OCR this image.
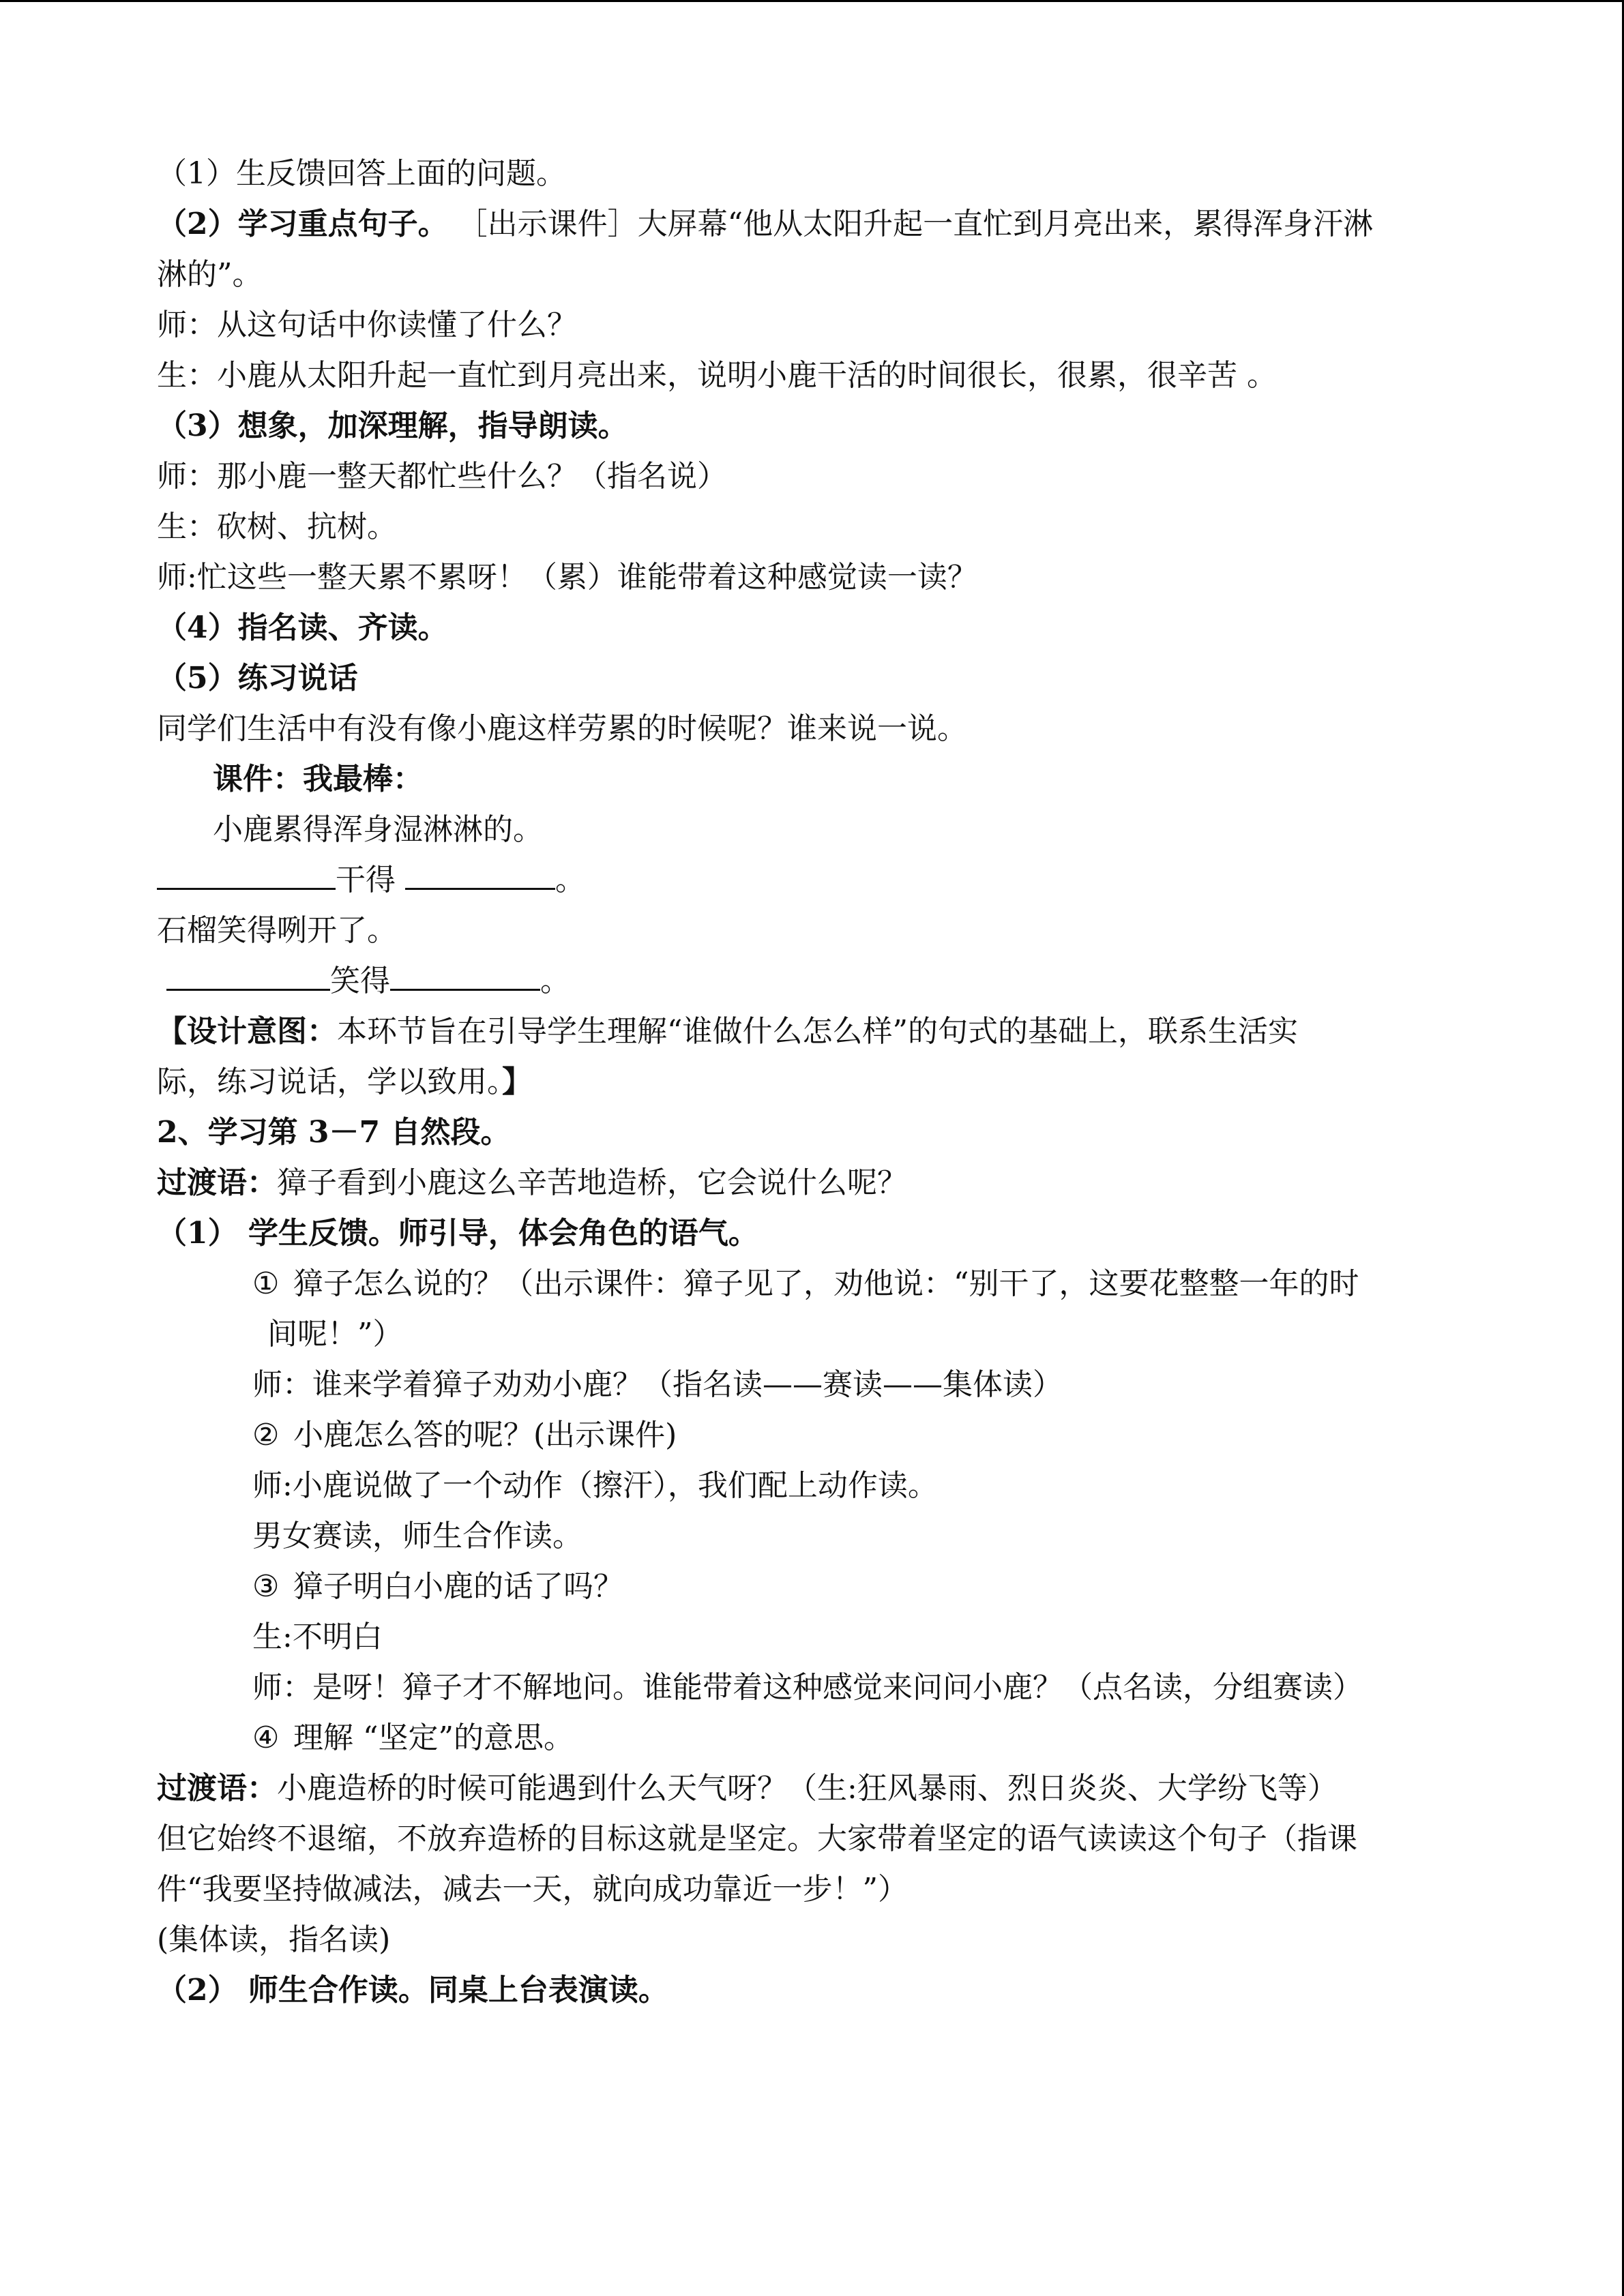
（1）生反馈回答上面的问题。
（2）学习重点句子。 ［出示课件］大屏幕“他从太阳升起一直忙到月亮出来，累得浑身汗淋
淋的”。
师：从这句话中你读懂了什么？
生：小鹿从太阳升起一直忙到月亮出来，说明小鹿干活的时间很长，很累，很辛苦 。
（3）想象，加深理解，指导朗读。
师：那小鹿一整天都忙些什么？（指名说）
生：砍树、抗树。
师:忙这些一整天累不累呀！（累）谁能带着这种感觉读一读？
（4）指名读、齐读。
（5）练习说话
同学们生活中有没有像小鹿这样劳累的时候呢？谁来说一说。
课件：我最棒：
小鹿累得浑身湿淋淋的。
干得	。
石榴笑得咧开了。
笑得	。
【设计意图：本环节旨在引导学生理解“谁做什么怎么样”的句式的基础上，联系生活实
际，练习说话，学以致用。】
2、学习第 3－7 自然段。
过渡语：獐子看到小鹿这么辛苦地造桥，它会说什么呢？
（1） 学生反馈。师引导，体会角色的语气。
① 獐子怎么说的？（出示课件：獐子见了，劝他说：“别干了，这要花整整一年的时
间呢！”）
师：谁来学着獐子劝劝小鹿？（指名读——赛读——集体读）
② 小鹿怎么答的呢？(出示课件)
师:小鹿说做了一个动作（擦汗），我们配上动作读。
男女赛读，师生合作读。
③ 獐子明白小鹿的话了吗？
生:不明白
师：是呀！獐子才不解地问。谁能带着这种感觉来问问小鹿？（点名读，分组赛读）
④ 理解 “坚定”的意思。
过渡语：小鹿造桥的时候可能遇到什么天气呀？（生:狂风暴雨、烈日炎炎、大学纷飞等）
但它始终不退缩，不放弃造桥的目标这就是坚定。大家带着坚定的语气读读这个句子（指课
件“我要坚持做减法，减去一天，就向成功靠近一步！”）
(集体读，指名读)
（2） 师生合作读。同桌上台表演读。
